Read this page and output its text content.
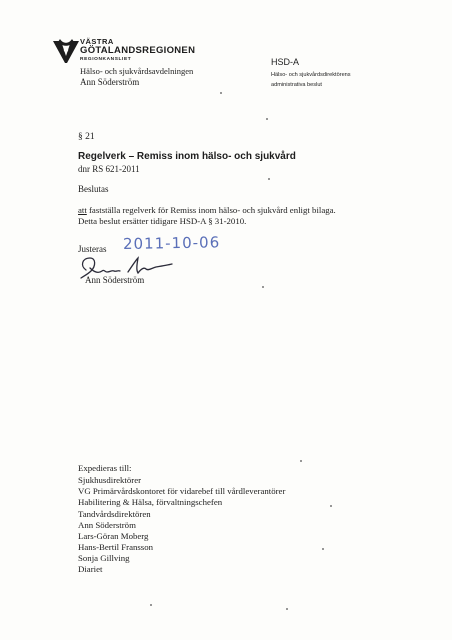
VÄSTRA
GÖTALANDSREGIONEN
REGIONKANSLIET
Hälso- och sjukvårdsavdelningen
Ann Söderström
HSD-A
Hälso- och sjukvårdsdirektörens
administrativa beslut
§ 21
Regelverk – Remiss inom hälso- och sjukvård
dnr RS 621-2011
Beslutas
att fastställa regelverk för Remiss inom hälso- och sjukvård enligt bilaga.
Detta beslut ersätter tidigare HSD-A § 31-2010.
Justeras 2011-10-06
Ann Söderström
Expedieras till:
Sjukhusdirektörer
VG Primärvårdskontoret för vidarebef till vårdleverantörer
Habilitering & Hälsa, förvaltningschefen
Tandvårdsdirektören
Ann Söderström
Lars-Göran Moberg
Hans-Bertil Fransson
Sonja Gillving
Diariet
